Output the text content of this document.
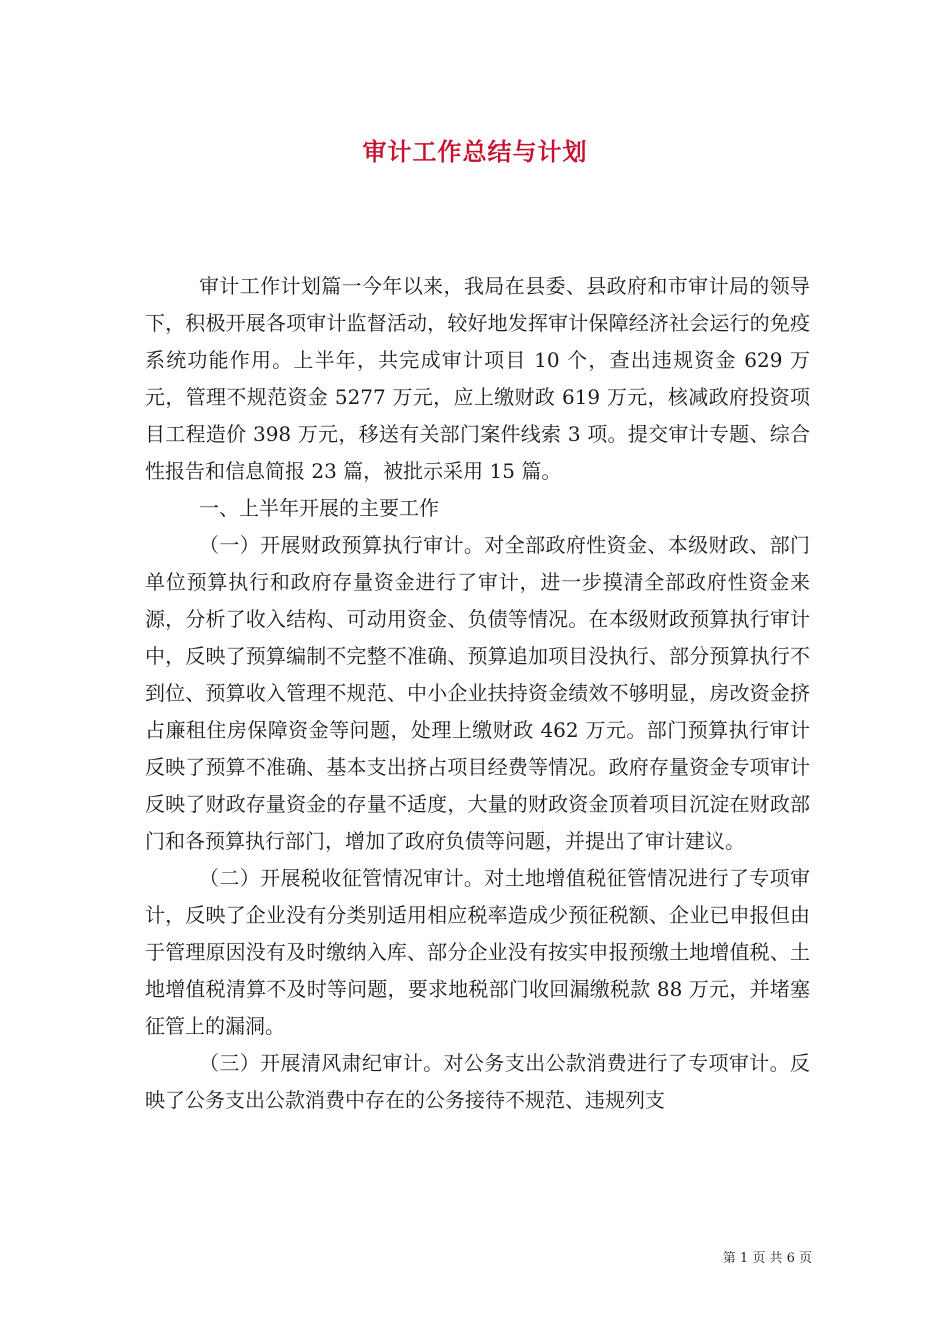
审计工作总结与计划

审计工作计划篇一今年以来，我局在县委、县政府和市审计局的领导下，积极开展各项审计监督活动，较好地发挥审计保障经济社会运行的免疫系统功能作用。上半年，共完成审计项目 10 个，查出违规资金 629 万元，管理不规范资金 5277 万元，应上缴财政 619 万元，核减政府投资项目工程造价 398 万元，移送有关部门案件线索 3 项。提交审计专题、综合性报告和信息简报 23 篇，被批示采用 15 篇。

一、上半年开展的主要工作

（一）开展财政预算执行审计。对全部政府性资金、本级财政、部门单位预算执行和政府存量资金进行了审计，进一步摸清全部政府性资金来源，分析了收入结构、可动用资金、负债等情况。在本级财政预算执行审计中，反映了预算编制不完整不准确、预算追加项目没执行、部分预算执行不到位、预算收入管理不规范、中小企业扶持资金绩效不够明显，房改资金挤占廉租住房保障资金等问题，处理上缴财政 462 万元。部门预算执行审计反映了预算不准确、基本支出挤占项目经费等情况。政府存量资金专项审计反映了财政存量资金的存量不适度，大量的财政资金顶着项目沉淀在财政部门和各预算执行部门，增加了政府负债等问题，并提出了审计建议。

（二）开展税收征管情况审计。对土地增值税征管情况进行了专项审计，反映了企业没有分类别适用相应税率造成少预征税额、企业已申报但由于管理原因没有及时缴纳入库、部分企业没有按实申报预缴土地增值税、土地增值税清算不及时等问题，要求地税部门收回漏缴税款 88 万元，并堵塞征管上的漏洞。

（三）开展清风肃纪审计。对公务支出公款消费进行了专项审计。反映了公务支出公款消费中存在的公务接待不规范、违规列支

第 1 页 共 6 页
